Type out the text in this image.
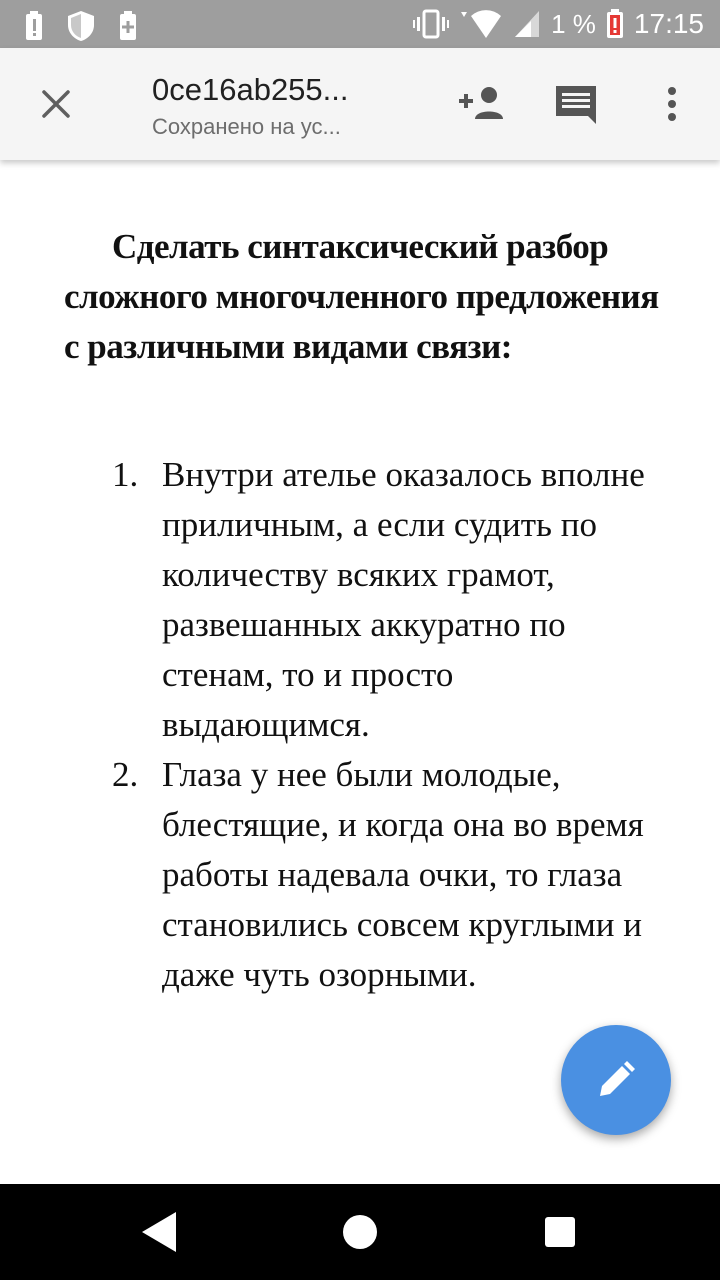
1 % 17:15
0ce16ab255...
Сохранено на ус...

Сделать синтаксический разбор сложного многочленного предложения с различными видами связи:

1. Внутри ателье оказалось вполне приличным, а если судить по количеству всяких грамот, развешанных аккуратно по стенам, то и просто выдающимся.
2. Глаза у нее были молодые, блестящие, и когда она во время работы надевала очки, то глаза становились совсем круглыми и даже чуть озорными.
